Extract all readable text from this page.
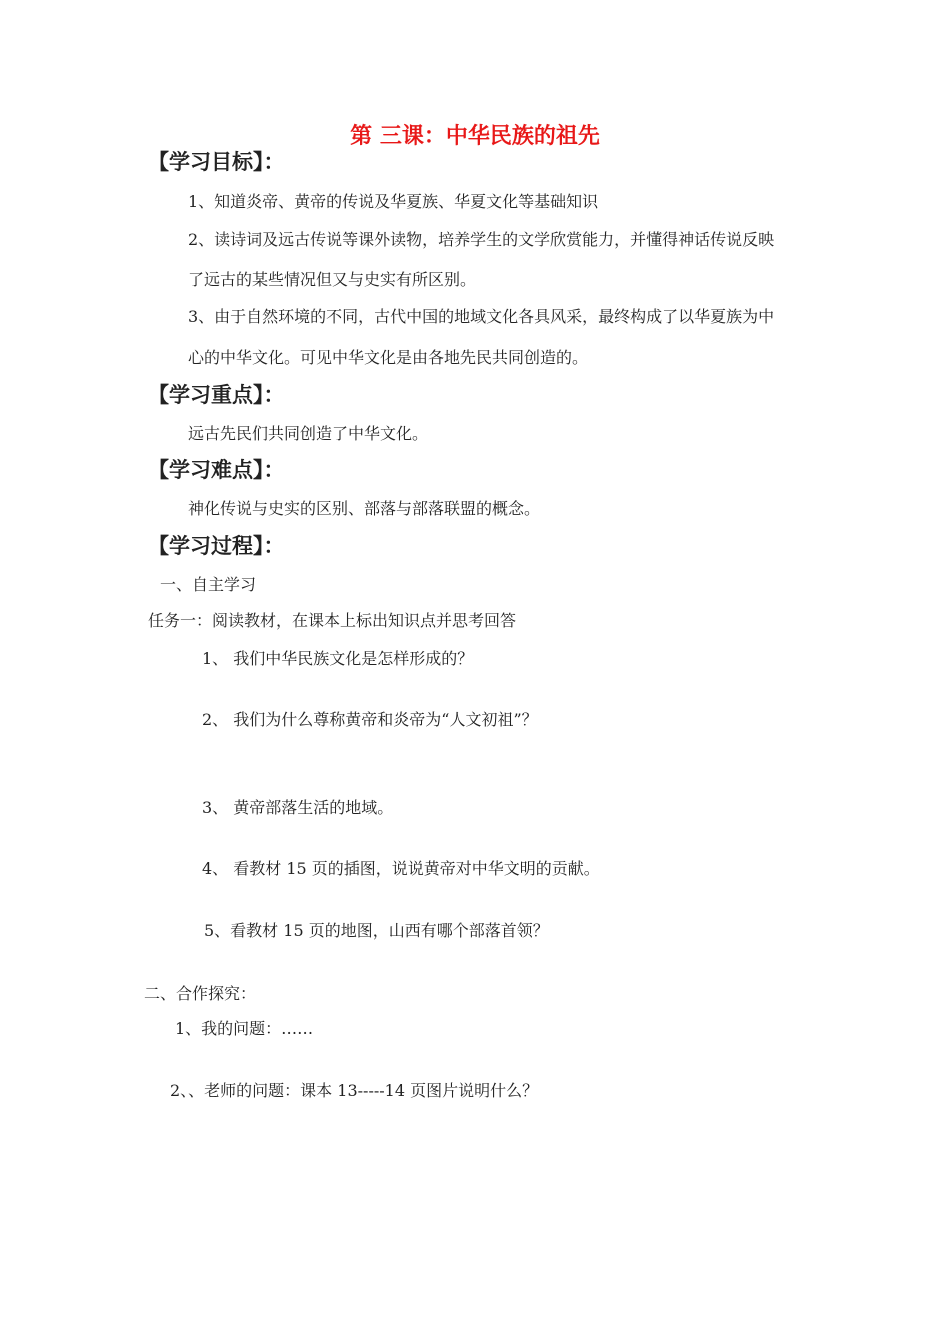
第 三课：中华民族的祖先
【学习目标】：
1、知道炎帝、黄帝的传说及华夏族、华夏文化等基础知识
2、读诗词及远古传说等课外读物，培养学生的文学欣赏能力，并懂得神话传说反映
了远古的某些情况但又与史实有所区别。
3、由于自然环境的不同，古代中国的地域文化各具风采，最终构成了以华夏族为中
心的中华文化。可见中华文化是由各地先民共同创造的。
【学习重点】：
远古先民们共同创造了中华文化。
【学习难点】：
神化传说与史实的区别、部落与部落联盟的概念。
【学习过程】：
一、自主学习
任务一：阅读教材，在课本上标出知识点并思考回答
1、 我们中华民族文化是怎样形成的？
2、 我们为什么尊称黄帝和炎帝为“人文初祖”？
3、 黄帝部落生活的地域。
4、 看教材 15 页的插图，说说黄帝对中华文明的贡献。
5、看教材 15 页的地图，山西有哪个部落首领？
二、合作探究：
1、我的问题：……
2、、老师的问题：课本 13-----14 页图片说明什么？
